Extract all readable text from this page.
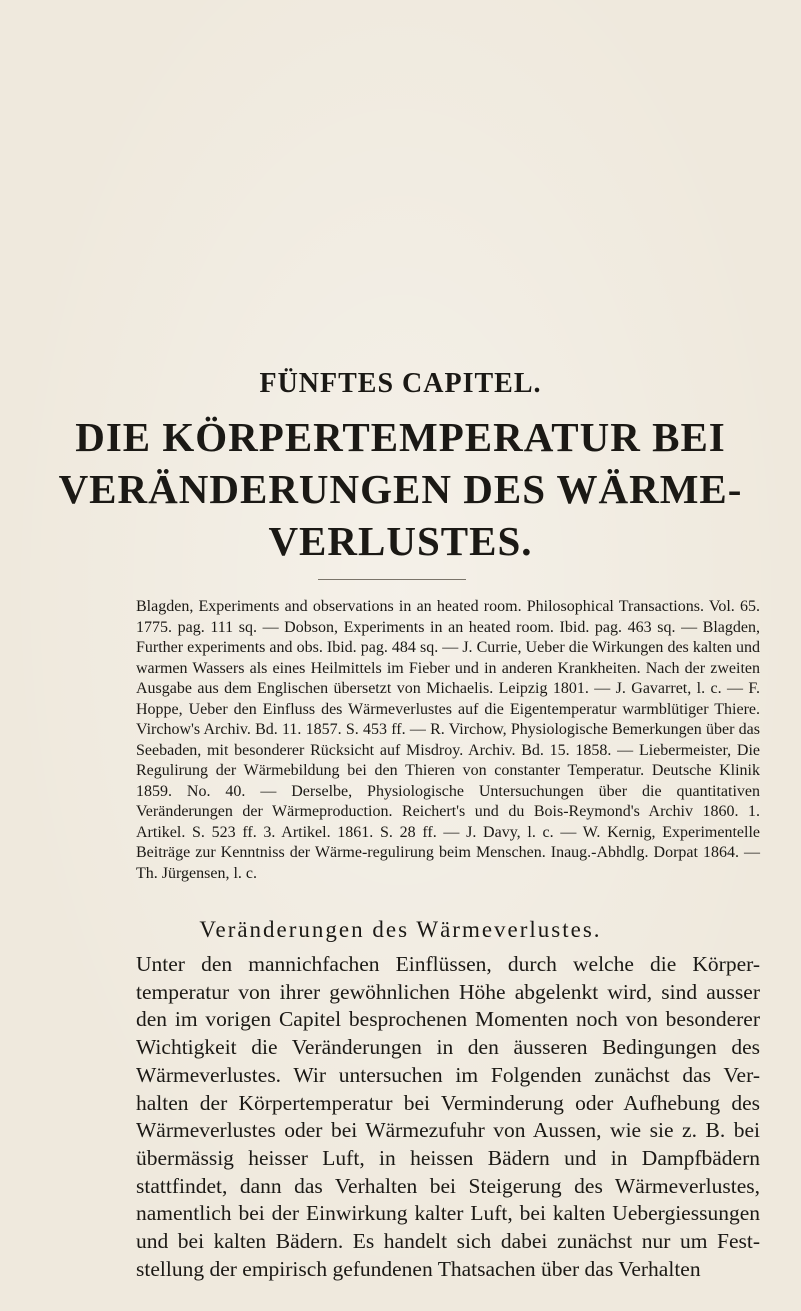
FÜNFTES CAPITEL.
DIE KÖRPERTEMPERATUR BEI VERÄNDERUNGEN DES WÄRME- VERLUSTES.
Blagden, Experiments and observations in an heated room. Philosophical Transactions. Vol. 65. 1775. pag. 111 sq. — Dobson, Experiments in an heated room. Ibid. pag. 463 sq. — Blagden, Further experiments and obs. Ibid. pag. 484 sq. — J. Currie, Ueber die Wirkungen des kalten und warmen Wassers als eines Heilmittels im Fieber und in anderen Krankheiten. Nach der zweiten Ausgabe aus dem Englischen übersetzt von Michaelis. Leipzig 1801. — J. Gavarret, l. c. — F. Hoppe, Ueber den Einfluss des Wärmeverlustes auf die Eigentemperatur warmblütiger Thiere. Virchow's Archiv. Bd. 11. 1857. S. 453 ff. — R. Virchow, Physiologische Bemerkungen über das Seebaden, mit besonderer Rücksicht auf Misdroy. Archiv. Bd. 15. 1858. — Liebermeister, Die Regulirung der Wärmebildung bei den Thieren von constanter Temperatur. Deutsche Klinik 1859. No. 40. — Derselbe, Physiologische Untersuchungen über die quantitativen Veränderungen der Wärmeproduction. Reichert's und du Bois-Reymond's Archiv 1860. 1. Artikel. S. 523 ff. 3. Artikel. 1861. S. 28 ff. — J. Davy, l. c. — W. Kernig, Experimentelle Beiträge zur Kenntniss der Wärme-regulirung beim Menschen. Inaug.-Abhdlg. Dorpat 1864. — Th. Jürgensen, l. c.
Veränderungen des Wärmeverlustes.
Unter den mannichfachen Einflüssen, durch welche die Körper-temperatur von ihrer gewöhnlichen Höhe abgelenkt wird, sind ausser den im vorigen Capitel besprochenen Momenten noch von besonderer Wichtigkeit die Veränderungen in den äusseren Bedingungen des Wärmeverlustes. Wir untersuchen im Folgenden zunächst das Ver-halten der Körpertemperatur bei Verminderung oder Aufhebung des Wärmeverlustes oder bei Wärmezufuhr von Aussen, wie sie z. B. bei übermässig heisser Luft, in heissen Bädern und in Dampfbädern stattfindet, dann das Verhalten bei Steigerung des Wärmeverlustes, namentlich bei der Einwirkung kalter Luft, bei kalten Uebergiessungen und bei kalten Bädern. Es handelt sich dabei zunächst nur um Fest-stellung der empirisch gefundenen Thatsachen über das Verhalten
